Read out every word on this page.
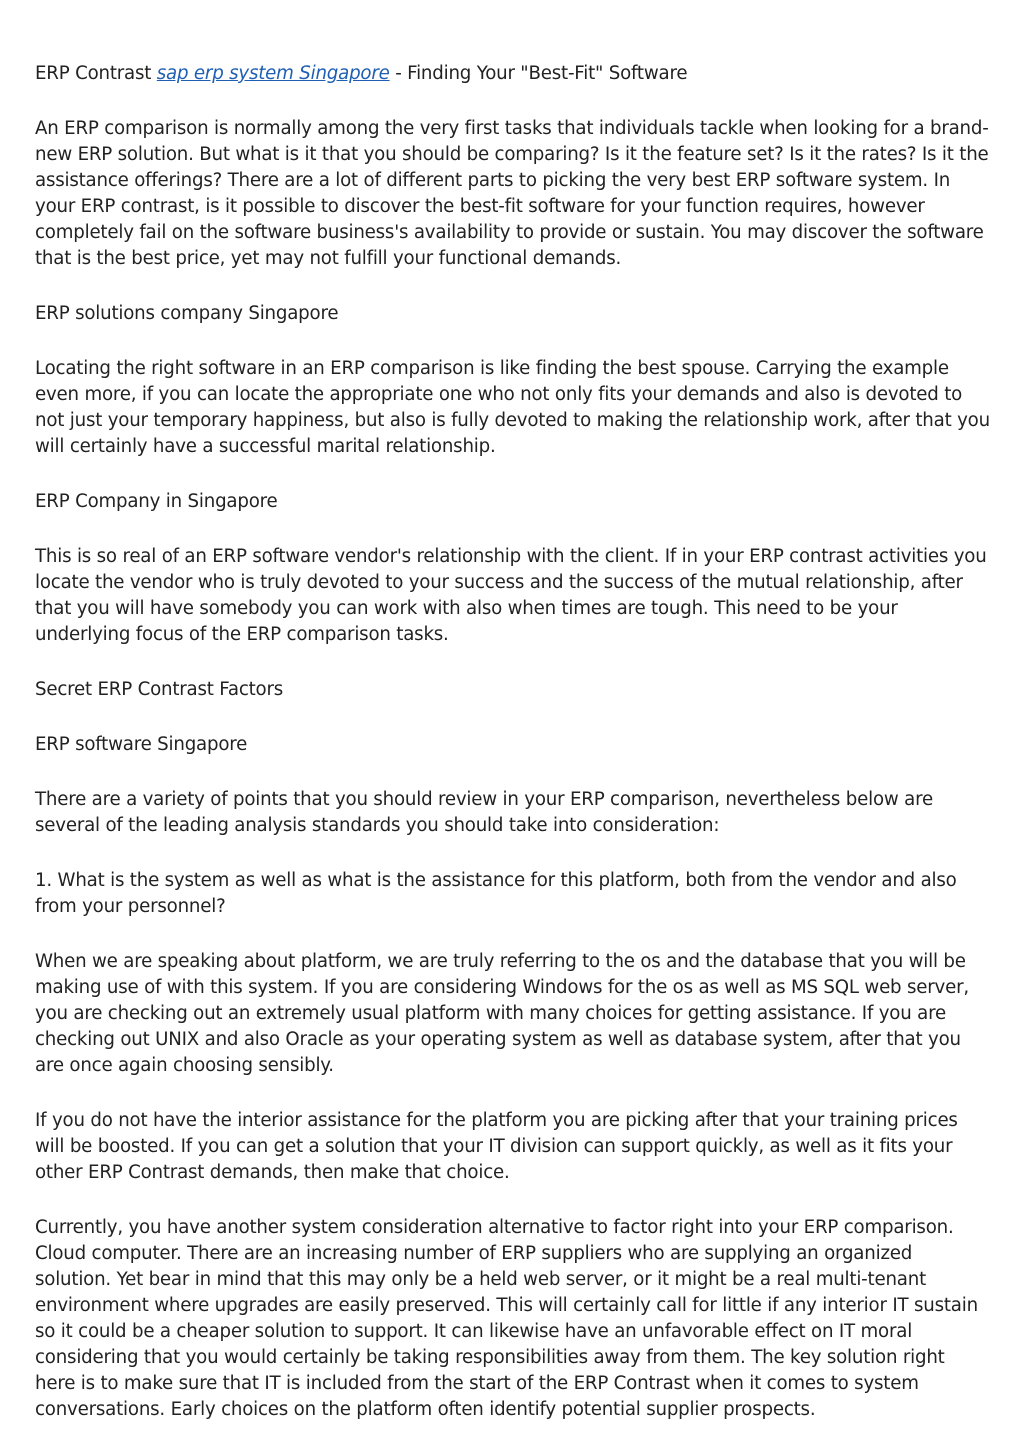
ERP Contrast sap erp system Singapore - Finding Your "Best-Fit" Software

An ERP comparison is normally among the very first tasks that individuals tackle when looking for a brand-new ERP solution. But what is it that you should be comparing? Is it the feature set? Is it the rates? Is it the assistance offerings? There are a lot of different parts to picking the very best ERP software system. In your ERP contrast, is it possible to discover the best-fit software for your function requires, however completely fail on the software business's availability to provide or sustain. You may discover the software that is the best price, yet may not fulfill your functional demands.

ERP solutions company Singapore

Locating the right software in an ERP comparison is like finding the best spouse. Carrying the example even more, if you can locate the appropriate one who not only fits your demands and also is devoted to not just your temporary happiness, but also is fully devoted to making the relationship work, after that you will certainly have a successful marital relationship.

ERP Company in Singapore

This is so real of an ERP software vendor's relationship with the client. If in your ERP contrast activities you locate the vendor who is truly devoted to your success and the success of the mutual relationship, after that you will have somebody you can work with also when times are tough. This need to be your underlying focus of the ERP comparison tasks.

Secret ERP Contrast Factors

ERP software Singapore

There are a variety of points that you should review in your ERP comparison, nevertheless below are several of the leading analysis standards you should take into consideration:

1. What is the system as well as what is the assistance for this platform, both from the vendor and also from your personnel?

When we are speaking about platform, we are truly referring to the os and the database that you will be making use of with this system. If you are considering Windows for the os as well as MS SQL web server, you are checking out an extremely usual platform with many choices for getting assistance. If you are checking out UNIX and also Oracle as your operating system as well as database system, after that you are once again choosing sensibly.

If you do not have the interior assistance for the platform you are picking after that your training prices will be boosted. If you can get a solution that your IT division can support quickly, as well as it fits your other ERP Contrast demands, then make that choice.

Currently, you have another system consideration alternative to factor right into your ERP comparison. Cloud computer. There are an increasing number of ERP suppliers who are supplying an organized solution. Yet bear in mind that this may only be a held web server, or it might be a real multi-tenant environment where upgrades are easily preserved. This will certainly call for little if any interior IT sustain so it could be a cheaper solution to support. It can likewise have an unfavorable effect on IT moral considering that you would certainly be taking responsibilities away from them. The key solution right here is to make sure that IT is included from the start of the ERP Contrast when it comes to system conversations. Early choices on the platform often identify potential supplier prospects.
